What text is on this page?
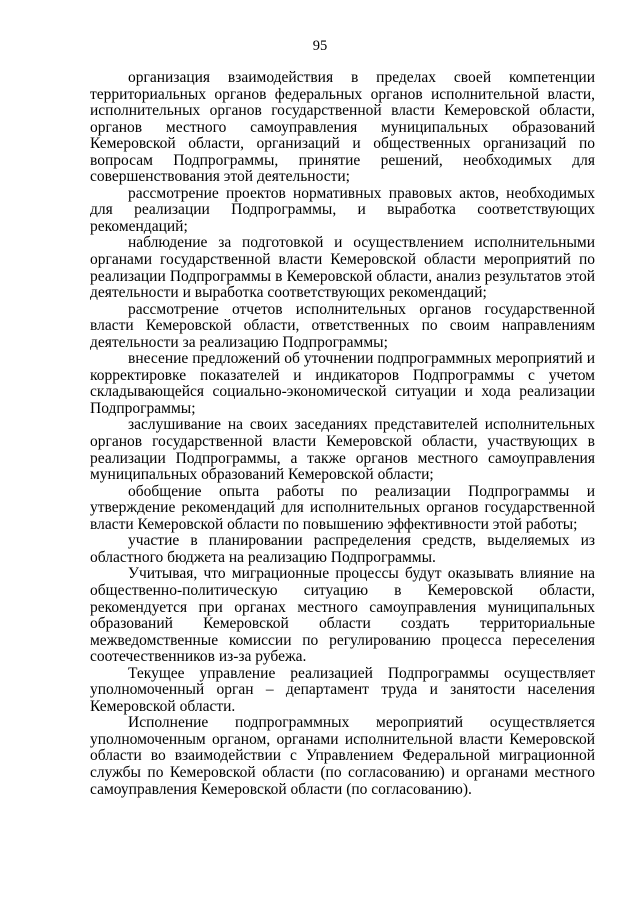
95

организация взаимодействия в пределах своей компетенции территориальных органов федеральных органов исполнительной власти, исполнительных органов государственной власти Кемеровской области, органов местного самоуправления муниципальных образований Кемеровской области, организаций и общественных организаций по вопросам Подпрограммы, принятие решений, необходимых для совершенствования этой деятельности;

рассмотрение проектов нормативных правовых актов, необходимых для реализации Подпрограммы, и выработка соответствующих рекомендаций;

наблюдение за подготовкой и осуществлением исполнительными органами государственной власти Кемеровской области мероприятий по реализации Подпрограммы в Кемеровской области, анализ результатов этой деятельности и выработка соответствующих рекомендаций;

рассмотрение отчетов исполнительных органов государственной власти Кемеровской области, ответственных по своим направлениям деятельности за реализацию Подпрограммы;

внесение предложений об уточнении подпрограммных мероприятий и корректировке показателей и индикаторов Подпрограммы с учетом складывающейся социально-экономической ситуации и хода реализации Подпрограммы;

заслушивание на своих заседаниях представителей исполнительных органов государственной власти Кемеровской области, участвующих в реализации Подпрограммы, а также органов местного самоуправления муниципальных образований Кемеровской области;

обобщение опыта работы по реализации Подпрограммы и утверждение рекомендаций для исполнительных органов государственной власти Кемеровской области по повышению эффективности этой работы;

участие в планировании распределения средств, выделяемых из областного бюджета на реализацию Подпрограммы.

Учитывая, что миграционные процессы будут оказывать влияние на общественно-политическую ситуацию в Кемеровской области, рекомендуется при органах местного самоуправления муниципальных образований Кемеровской области создать территориальные межведомственные комиссии по регулированию процесса переселения соотечественников из-за рубежа.

Текущее управление реализацией Подпрограммы осуществляет уполномоченный орган – департамент труда и занятости населения Кемеровской области.

Исполнение подпрограммных мероприятий осуществляется уполномоченным органом, органами исполнительной власти Кемеровской области во взаимодействии с Управлением Федеральной миграционной службы по Кемеровской области (по согласованию) и органами местного самоуправления Кемеровской области (по согласованию).
